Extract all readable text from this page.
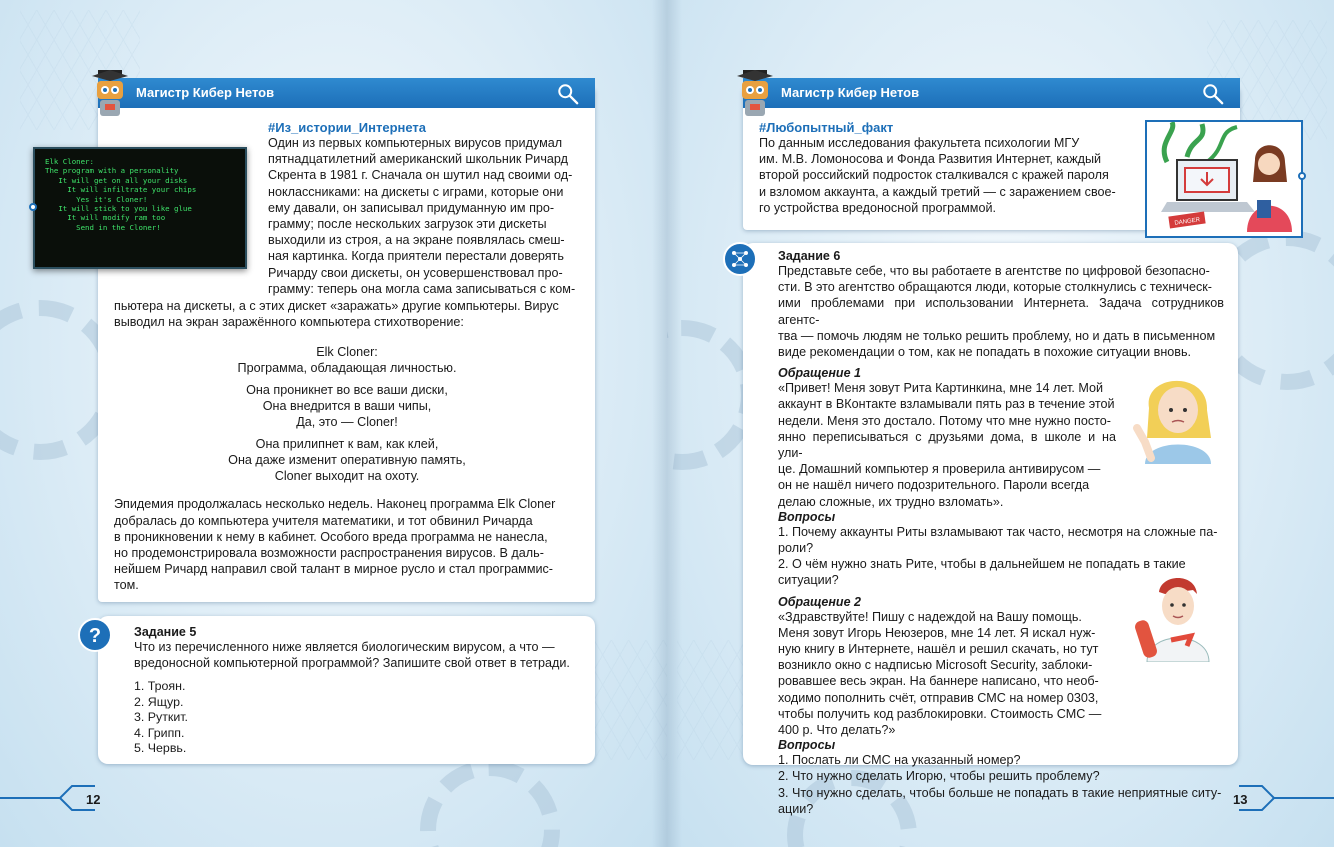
Магистр Кибер Нетов
Elk Cloner:
The program with a personality
It will get on all your disks
It will infiltrate your chips
Yes it's Cloner!
It will stick to you like glue
It will modify ram too
Send in the Cloner!
#Из_истории_Интернета
Один из первых компьютерных вирусов придумал
пятнадцатилетний американский школьник Ричард
Скрента в 1981 г. Сначала он шутил над своими од-
ноклассниками: на дискеты с играми, которые они
ему давали, он записывал придуманную им про-
грамму; после нескольких загрузок эти дискеты
выходили из строя, а на экране появлялась смеш-
ная картинка. Когда приятели перестали доверять
Ричарду свои дискеты, он усовершенствовал про-
грамму: теперь она могла сама записываться с ком-
пьютера на дискеты, а с этих дискет «заражать» другие компьютеры. Вирус
выводил на экран заражённого компьютера стихотворение:

Elk Cloner:
Программа, обладающая личностью.

Она проникнет во все ваши диски,
Она внедрится в ваши чипы,
Да, это — Cloner!

Она прилипнет к вам, как клей,
Она даже изменит оперативную память,
Cloner выходит на охоту.

Эпидемия продолжалась несколько недель. Наконец программа Elk Cloner
добралась до компьютера учителя математики, и тот обвинил Ричарда
в проникновении к нему в кабинет. Особого вреда программа не нанесла,
но продемонстрировала возможности распространения вирусов. В даль-
нейшем Ричард направил свой талант в мирное русло и стал программис-
том.
?	Задание 5
Что из перечисленного ниже является биологическим вирусом, а что —
вредоносной компьютерной программой? Запишите свой ответ в тетради.
1. Троян.
2. Ящур.
3. Руткит.
4. Грипп.
5. Червь.
12
Магистр Кибер Нетов
#Любопытный_факт
По данным исследования факультета психологии МГУ
им. М.В. Ломоносова и Фонда Развития Интернет, каждый
второй российский подросток сталкивался с кражей пароля
и взломом аккаунта, а каждый третий — с заражением свое-
го устройства вредоносной программой.
DANGER
Задание 6
Представьте себе, что вы работаете в агентстве по цифровой безопасно-
сти. В это агентство обращаются люди, которые столкнулись с техническ-
ими проблемами при использовании Интернета. Задача сотрудников агентс-
тва — помочь людям не только решить проблему, но и дать в письменном
виде рекомендации о том, как не попадать в похожие ситуации вновь.
Обращение 1
«Привет! Меня зовут Рита Картинкина, мне 14 лет. Мой
аккаунт в ВКонтакте взламывали пять раз в течение этой
недели. Меня это достало. Потому что мне нужно посто-
янно переписываться с друзьями дома, в школе и на ули-
це. Домашний компьютер я проверила антивирусом —
он не нашёл ничего подозрительного. Пароли всегда
делаю сложные, их трудно взломать».
Вопросы
1. Почему аккаунты Риты взламывают так часто, несмотря на сложные па-
роли?
2. О чём нужно знать Рите, чтобы в дальнейшем не попадать в такие ситуации?
Обращение 2
«Здравствуйте! Пишу с надеждой на Вашу помощь.
Меня зовут Игорь Неюзеров, мне 14 лет. Я искал нуж-
ную книгу в Интернете, нашёл и решил скачать, но тут
возникло окно с надписью Microsoft Security, заблоки-
ровавшее весь экран. На баннере написано, что необ-
ходимо пополнить счёт, отправив СМС на номер 0303,
чтобы получить код разблокировки. Стоимость СМС —
400 р. Что делать?»
Вопросы
1. Послать ли СМС на указанный номер?
2. Что нужно сделать Игорю, чтобы решить проблему?
3. Что нужно сделать, чтобы больше не попадать в такие неприятные ситу-
ации?
13
